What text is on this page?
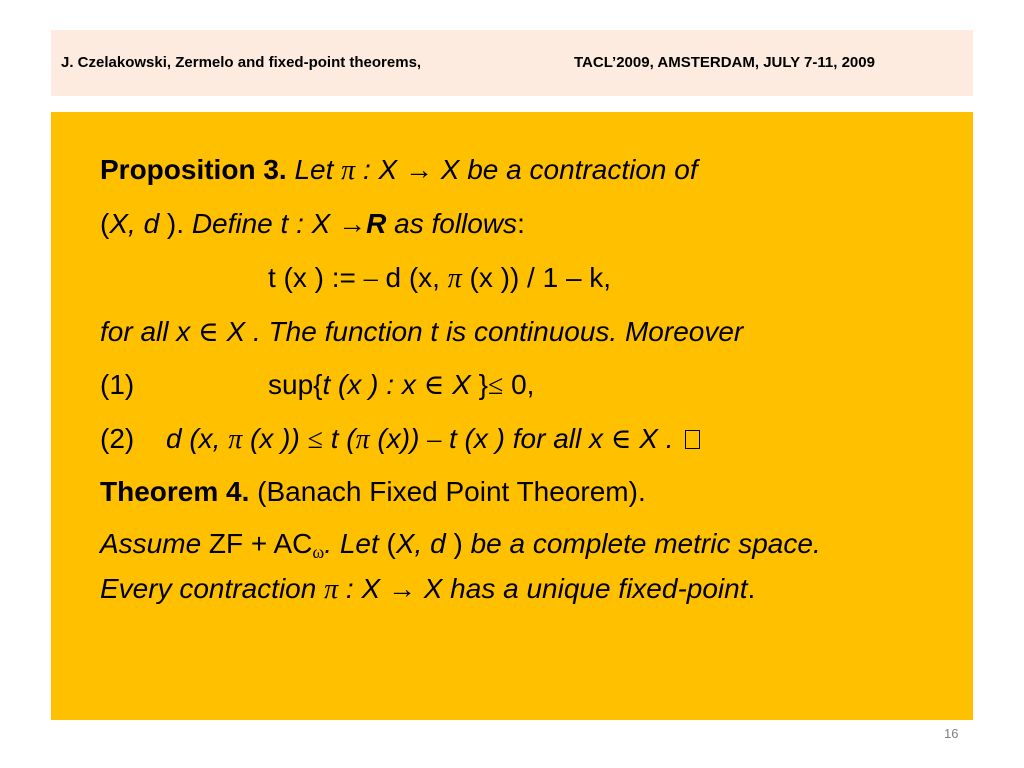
J. Czelakowski, Zermelo and fixed-point theorems,	TACL’2009, AMSTERDAM, JULY 7-11, 2009
Proposition 3. Let π : X → X be a contraction of
(X, d ). Define t : X →R as follows:
t (x ) := – d (x, π (x )) / 1 – k,
for all x ∈ X . The function t is continuous. Moreover
(1)	sup{t (x ) : x ∈ X }≤ 0,
(2) d (x, π (x )) ≤ t (π (x)) – t (x ) for all x ∈ X .
Theorem 4. (Banach Fixed Point Theorem).
Assume ZF + $AC_\omega$. Let (X, d ) be a complete metric space.
Every contraction π : X → X has a unique fixed-point.
16
